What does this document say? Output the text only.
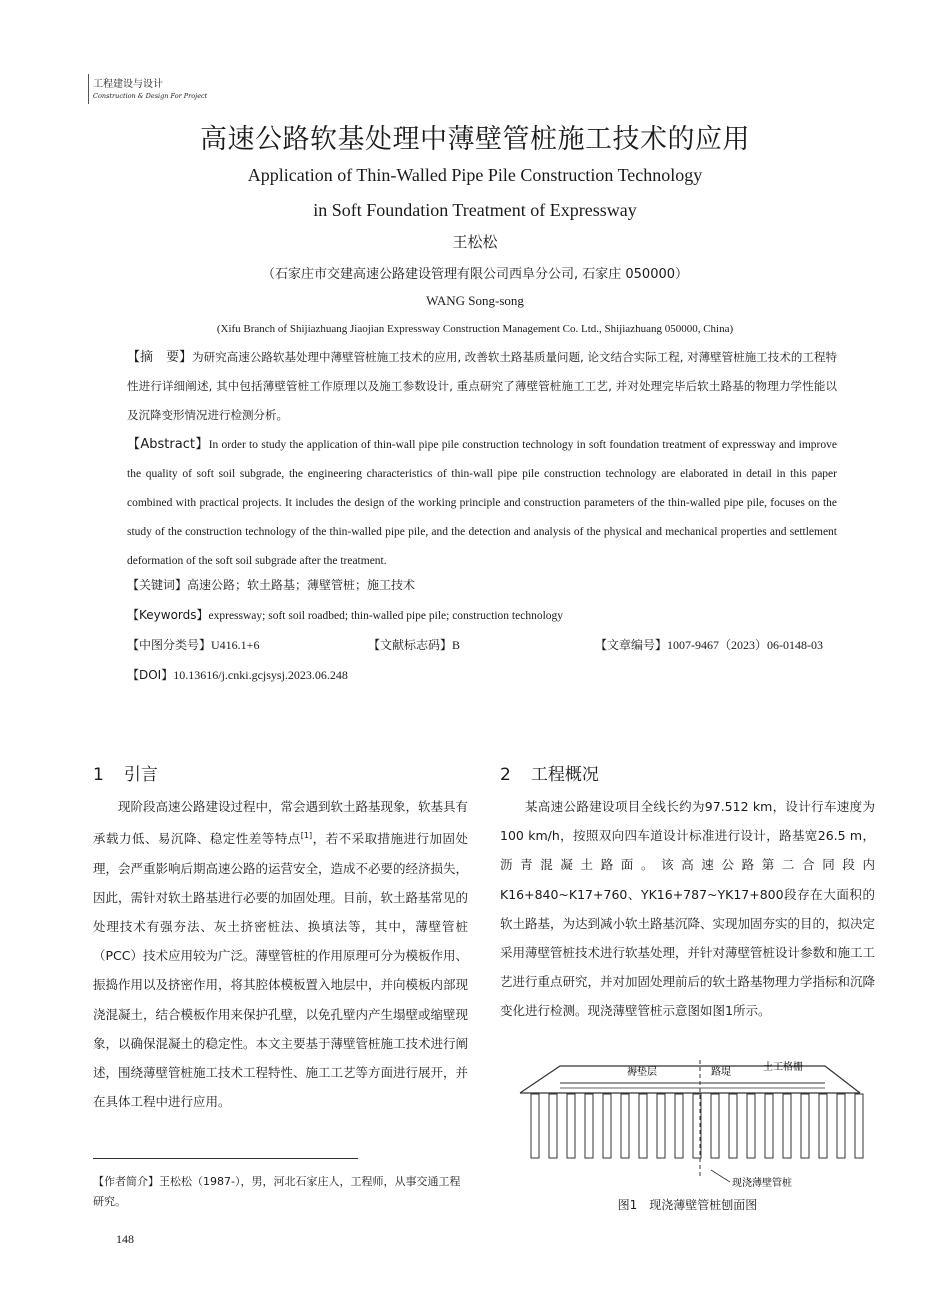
工程建设与设计
Construction & Design For Project
高速公路软基处理中薄壁管桩施工技术的应用
Application of Thin-Walled Pipe Pile Construction Technology
in Soft Foundation Treatment of Expressway
王松松
（石家庄市交建高速公路建设管理有限公司西阜分公司, 石家庄 050000）
WANG Song-song
(Xifu Branch of Shijiazhuang Jiaojian Expressway Construction Management Co. Ltd., Shijiazhuang 050000, China)
【摘　要】为研究高速公路软基处理中薄壁管桩施工技术的应用, 改善软土路基质量问题, 论文结合实际工程, 对薄壁管桩施工技术的工程特性进行详细阐述, 其中包括薄壁管桩工作原理以及施工参数设计, 重点研究了薄壁管桩施工工艺, 并对处理完毕后软土路基的物理力学性能以及沉降变形情况进行检测分析。
【Abstract】In order to study the application of thin-wall pipe pile construction technology in soft foundation treatment of expressway and improve the quality of soft soil subgrade, the engineering characteristics of thin-wall pipe pile construction technology are elaborated in detail in this paper combined with practical projects. It includes the design of the working principle and construction parameters of the thin-walled pipe pile, focuses on the study of the construction technology of the thin-walled pipe pile, and the detection and analysis of the physical and mechanical properties and settlement deformation of the soft soil subgrade after the treatment.
【关键词】高速公路；软土路基；薄壁管桩；施工技术
【Keywords】expressway; soft soil roadbed; thin-walled pipe pile; construction technology
【中图分类号】U416.1+6	【文献标志码】B	【文章编号】1007-9467（2023）06-0148-03
【DOI】10.13616/j.cnki.gcjsysj.2023.06.248
1 引言
现阶段高速公路建设过程中，常会遇到软土路基现象，软基具有承载力低、易沉降、稳定性差等特点[1]，若不采取措施进行加固处理，会严重影响后期高速公路的运营安全，造成不必要的经济损失，因此，需针对软土路基进行必要的加固处理。目前，软土路基常见的处理技术有强夯法、灰土挤密桩法、换填法等，其中，薄壁管桩（PCC）技术应用较为广泛。薄壁管桩的作用原理可分为模板作用、振捣作用以及挤密作用，将其腔体模板置入地层中，并向模板内部现浇混凝土，结合模板作用来保护孔壁，以免孔壁内产生塌壁或缩壁现象，以确保混凝土的稳定性。本文主要基于薄壁管桩施工技术进行阐述，围绕薄壁管桩施工技术工程特性、施工工艺等方面进行展开，并在具体工程中进行应用。
【作者简介】王松松（1987-），男，河北石家庄人，工程师，从事交通工程研究。
148
2 工程概况
某高速公路建设项目全线长约为97.512 km，设计行车速度为100 km/h，按照双向四车道设计标准进行设计，路基宽26.5 m，沥青混凝土路面。该高速公路第二合同段内K16+840~K17+760、YK16+787~YK17+800段存在大面积的软土路基，为达到减小软土路基沉降、实现加固夯实的目的，拟决定采用薄壁管桩技术进行软基处理，并针对薄壁管桩设计参数和施工工艺进行重点研究，并对加固处理前后的软土路基物理力学指标和沉降变化进行检测。现浇薄壁管桩示意图如图1所示。
褥垫层	路堤	土工格栅
现浇薄壁管桩
图1　现浇薄壁管桩刨面图
